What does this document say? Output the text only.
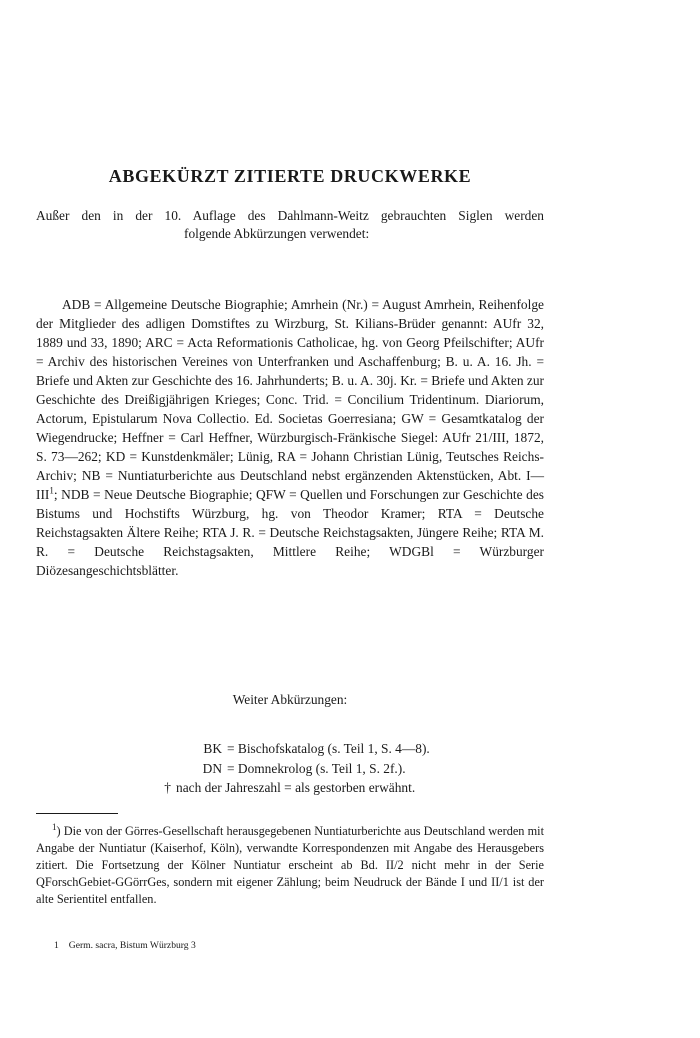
ABGEKÜRZT ZITIERTE DRUCKWERKE
Außer den in der 10. Auflage des Dahlmann-Weitz gebrauchten Siglen werden
folgende Abkürzungen verwendet:

ADB = Allgemeine Deutsche Biographie; Amrhein (Nr.) = August Amrhein, Reihenfolge der Mitglieder des adligen Domstiftes zu Wirzburg, St. Kilians-Brüder genannt: AUfr 32, 1889 und 33, 1890; ARC = Acta Reformationis Catholicae, hg. von Georg Pfeilschifter; AUfr = Archiv des historischen Vereines von Unterfranken und Aschaffenburg; B. u. A. 16. Jh. = Briefe und Akten zur Geschichte des 16. Jahrhunderts; B. u. A. 30j. Kr. = Briefe und Akten zur Geschichte des Dreißigjährigen Krieges; Conc. Trid. = Concilium Tridentinum. Diariorum, Actorum, Epistularum Nova Collectio. Ed. Societas Goerresiana; GW = Gesamtkatalog der Wiegendrucke; Heffner = Carl Heffner, Würzburgisch-Fränkische Siegel: AUfr 21/III, 1872, S. 73—262; KD = Kunstdenkmäler; Lünig, RA = Johann Christian Lünig, Teutsches Reichs-Archiv; NB = Nuntiaturberichte aus Deutschland nebst ergänzenden Aktenstücken, Abt. I—III$^1$; NDB = Neue Deutsche Biographie; QFW = Quellen und Forschungen zur Geschichte des Bistums und Hochstifts Würzburg, hg. von Theodor Kramer; RTA = Deutsche Reichstagsakten Ältere Reihe; RTA J. R. = Deutsche Reichstagsakten, Jüngere Reihe; RTA M. R. = Deutsche Reichstagsakten, Mittlere Reihe; WDGBl = Würzburger Diözesangeschichtsblätter.

Weiter Abkürzungen:
BK = Bischofskatalog (s. Teil 1, S. 4—8).
DN = Domnekrolog (s. Teil 1, S. 2f.).
† nach der Jahreszahl = als gestorben erwähnt.

$^1$) Die von der Görres-Gesellschaft herausgegebenen Nuntiaturberichte aus Deutschland werden mit Angabe der Nuntiatur (Kaiserhof, Köln), verwandte Korrespondenzen mit Angabe des Herausgebers zitiert. Die Fortsetzung der Kölner Nuntiatur erscheint ab Bd. II/2 nicht mehr in der Serie QForschGebiet-GGörrGes, sondern mit eigener Zählung; beim Neudruck der Bände I und II/1 ist der alte Serientitel entfallen.

1 Germ. sacra, Bistum Würzburg 3
